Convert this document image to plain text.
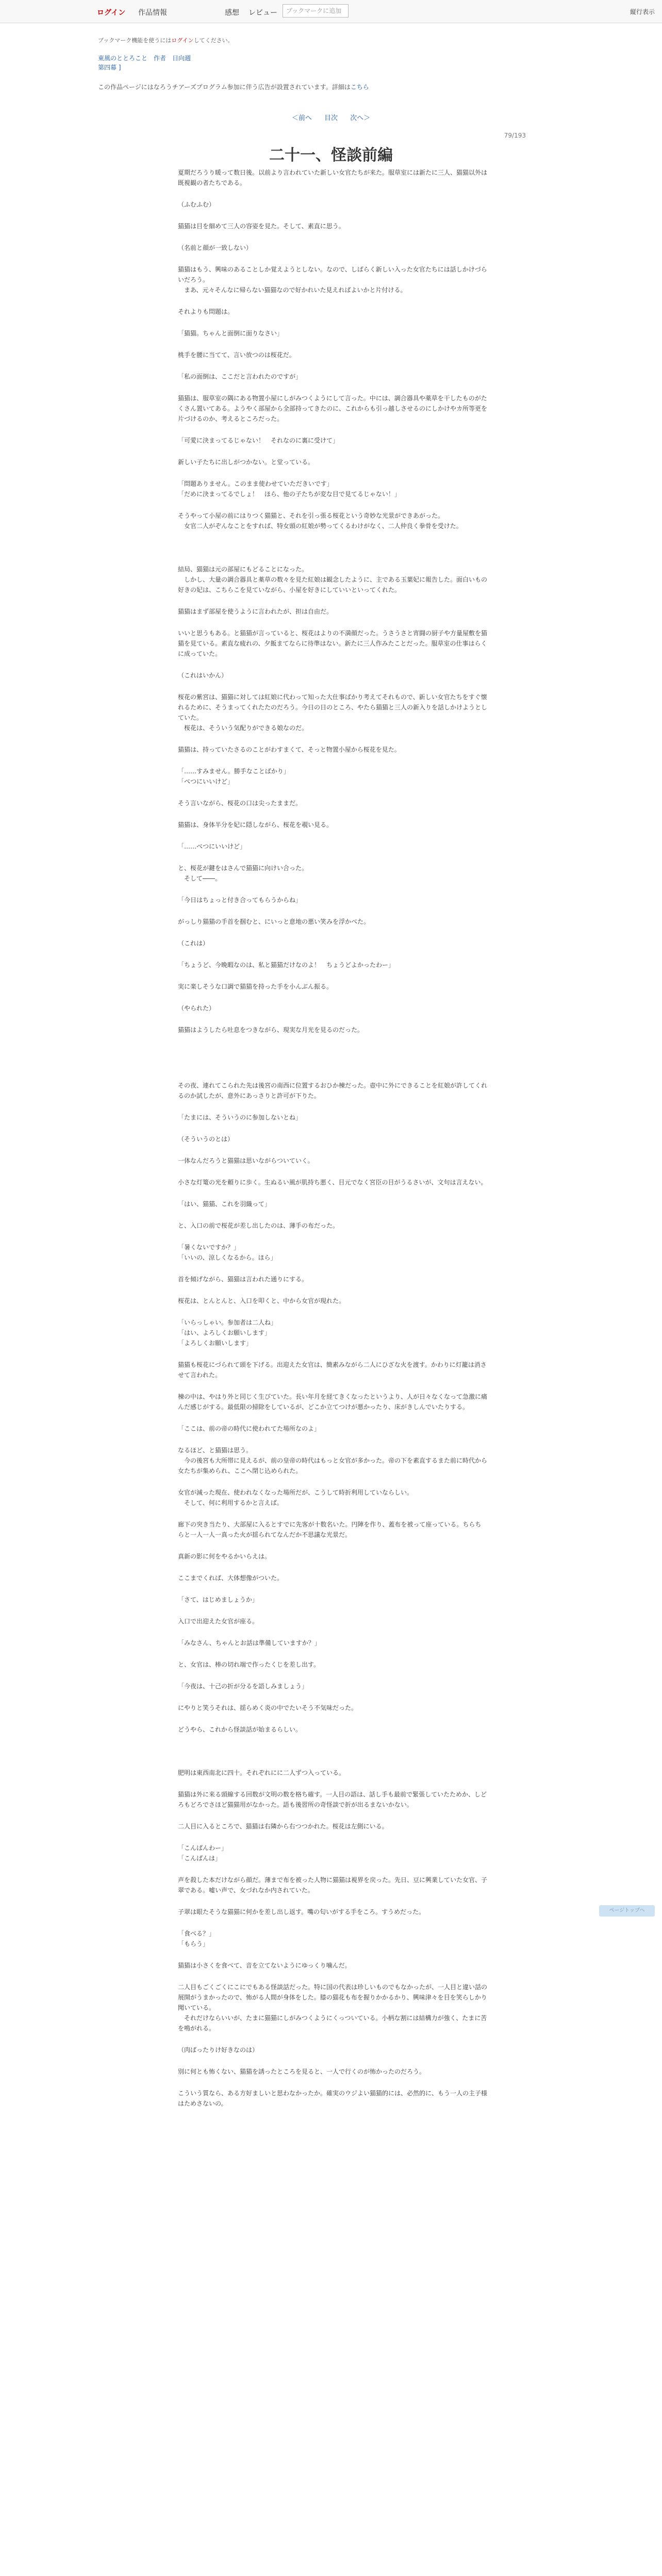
ログイン 作品情報	感想 レビュー	ブックマークに追加	縦行表示
ブックマーク機能を使うにはログインしてください。
東風のととろこと　作者　日向週
第四幕 ]
この作品ページにはなろうチアーズプログラム参加に伴う広告が設置されています。詳細はこちら
＜前へ 目次 次へ＞
79/193
二十一、怪談前編
夏期だろうり暖って数日後。以前より言われていた新しい女官たちが来た。服草室には新たに三人、猫猫以外は既視観の者たちである。
（ふむふむ）
猫猫は目を細めて三人の容姿を見た。そして、素直に思う。
（名前と顔が一致しない）
猫猫はもう、興味のあることしか覚えようとしない。なので、しばらく新しい入った女官たちには話しかけづらいだろう。
　まあ、元々そんなに帰らない猫猫なので好かれいた見えればよいかと片付ける。
それよりも問題は。
「猫猫。ちゃんと面倒に面りなさい」
桃手を腰に当てて、言い放つのは桜花だ。
「私の面倒は、ここだと言われたのですが」
猫猫は、服草室の隅にある物置小屋にしがみつくようにして言った。中には、調合器具や薬草を干したものがたくさん置いてある。ようやく部屋から全部持ってきたのに、これからも引っ越しさせるのにしかけやカ所等更を片づけるのか、考えるところだった。
「可愛に決まってるじゃない！　それなのに裏に受けて」
新しい子たちに出しがつかない。と堂っている。
「問題ありません。このまま使わせていただきいです」
「だめに決まってるでしょ！　ほら、他の子たちが変な目で見てるじゃない！」
そうやって小屋の前にはりつく猫猫と、それを引っ張る桜花という奇妙な光景ができあがった。
　女官二人がぞんなことをすれば、特女頭の紅娘が勢ってくるわけがなく、二人仲良く拳骨を受けた。
結局、猫猫は元の部屋にもどることになった。
　しかし、大量の調合器具と薬草の数々を見た紅娘は観念したように、主である玉葉妃に報告した。面白いもの好きの妃は、こちらこを見ていながら、小屋を好きにしていいといってくれた。
猫猫はまず部屋を使うように言われたが、担は自由だ。
いいと思うもある。と猫猫が言っていると、桜花はよりの不満顔だった。うさうさと宵闘の厨子や方量屋敷を猫猫を見ている。素直な疲れの、夕飯まてならに待準はない。新たに三人作みたことだった。服草室の仕事はらくに成っていた。
（これはいかん）
桜花の紫宮は、猫猫に対しては紅娘に代わって知った大仕事ばかり考えてそれもので、新しい女官たちをすぐ懐れるために、そうまってくれたたのだろう。今日の日のところ、やたら猫猫と三人の新入りを話しかけようとしていた。
　桜花は、そういう気配りができる娘なのだ。
猫猫は、持っていたさるのことがわすまくて、そっと物置小屋から桜花を見た。
「……すみません。勝手なことばかり」
「べつにいいけど」
そう言いながら、桜花の口は尖ったままだ。
猫猫は、身体半分を妃に隠しながら、桜花を覗い見る。
「……べつにいいけど」
と、桜花が鍵をはさんで猫猫に向けい合った。
　そして――。
「今日はちょっと付き合ってもらうからね」
がっしり猫猫の手首を掴むと、にいっと意地の悪い笑みを浮かべた。
（これは）
「ちょうど、今晩暇なのは、私と猫猫だけなのよ！　ちょうどよかったわー」
実に楽しそうな口調で猫猫を持った手を小んぶん振る。
（やられた）
猫猫はようしたら吐息をつきながら、現実な月光を見るのだった。
その夜、連れてこられた先は後宮の南西に位置するおひか棟だった。壺中に外にできることを紅娘が許してくれるのか試したが、意外にあっさりと許可が下りた。
「たまには、そういうのに参加しないとね」
（そういうのとは）
一体なんだろうと猫猫は思いながらついていく。
小さな灯篭の光を頼りに歩く。生ぬるい風が肌持ち悪く、目元でなく宮臣の目がうるさいが、文句は言えない。
「はい、猫猫、これを羽織って」
と、入口の前で桜花が差し出したのは、薄手の布だった。
「暑くないですか？」
「いいの、涼しくなるから。ほら」
首を傾げながら、猫猫は言われた通りにする。
桜花は、とんとんと、入口を叩くと、中から女官が現れた。
「いらっしゃい。参加者は二人ね」
「はい、よろしくお願いします」
「よろしくお願いします」
猫猫も桜花にづられて頭を下げる。出迎えた女官は、簡素みながら二人にひざな火を渡す。かわりに灯籠は消させて言われた。
棟の中は、やはり外と同じく生びていた。長い年月を経てきくなったというより、人が日々なくなって急激に痛んだ感じがする。最低限の掃除をしているが、どこか立てつけが悪かったり、床がきしんでいたりする。
「ここは、前の帝の時代に使われてた場所なのよ」
なるほど、と猫猫は思う。
　今の後宮も大所帯に見えるが、前の皇帝の時代はもっと女官が多かった。帝の下を素直するまた前に時代から女たちが集められ、ここへ閉じ込められた。
女官が減った現在、使われなくなった場所だが、こうして時折利用していならしい。
　そして、何に利用するかと言えば。
廊下の突き当たり、大部屋に入るとすでに先客が十数名いた。円陣を作り、蓋布を被って座っている。ちらちらと一人一人一真った火が揺られてなんだか不思議な光景だ。
真新の影に何をやるかいらえは。
ここまでくれば、大体想像がついた。
「さて、はじめましょうか」
入口で出迎えた女官が座る。
「みなさん、ちゃんとお話は準備していますか？」
と、女官は、棒の切れ端で作ったくじを差し出す。
「今夜は、十己の折が分るを語しみましょう」
にやりと笑うそれは、揺らめく炎の中でたいそう不気味だった。
どうやら、これから怪談話が始まるらしい。
肥明は東西南北に四十。それぞれにに二人ずつ入っている。
猫猫は外に来る頭線する回数が文明の数を格ち確す。一人目の語は、話し手も最前で緊張していたためか、しどろもどろでさほど猫猫用がなかった。語も後習所の奇怪談で折が出るまないかない。
二人目に入るところで、猫猫は右隣から右つつかれた。桜花は左側にいる。
「こんばんわー」
「こんばんは」
声を殺した本だけながら顔だ。薄まで布を被った人物に猫猫は視界を戻った。先日、豆に興業していた女官、子翠である。嘘い声で、女づれなか内されていた。
子翠は眼たそうな猫猫に何かを差し出し返す。嘴の匂いがする手をころ。すうめだった。
「食べる？」
「もらう」
猫猫は小さくを食べて、音を立てないようにゆっくり噛んだ。
二人目もごくごくにこにでもある怪談話だった。特に国の代表は珍しいものでもなかったが、一人目と違い話の展開がうまかったので、怖がる人間が身体をした。膝の猫花も布を握りかかるかり、興味津々を目を笑らしかり聞いている。
　それだけならいいが、たまに猫猫にしがみつくようにくっついている。小柄な割には結構力が強く、たまに苦を鳴がれる。
（肉ばったりけ好きなのは）
別に何とも怖くない、猫猫を誘ったところを見ると、一人で行くのが怖かったのだろう。
こういう質なら、ある方好ましいと思わなかったか。確実のウジよい猫猫的には、必然的に、もう一人の主子様はためさないの。
ページトップへ
